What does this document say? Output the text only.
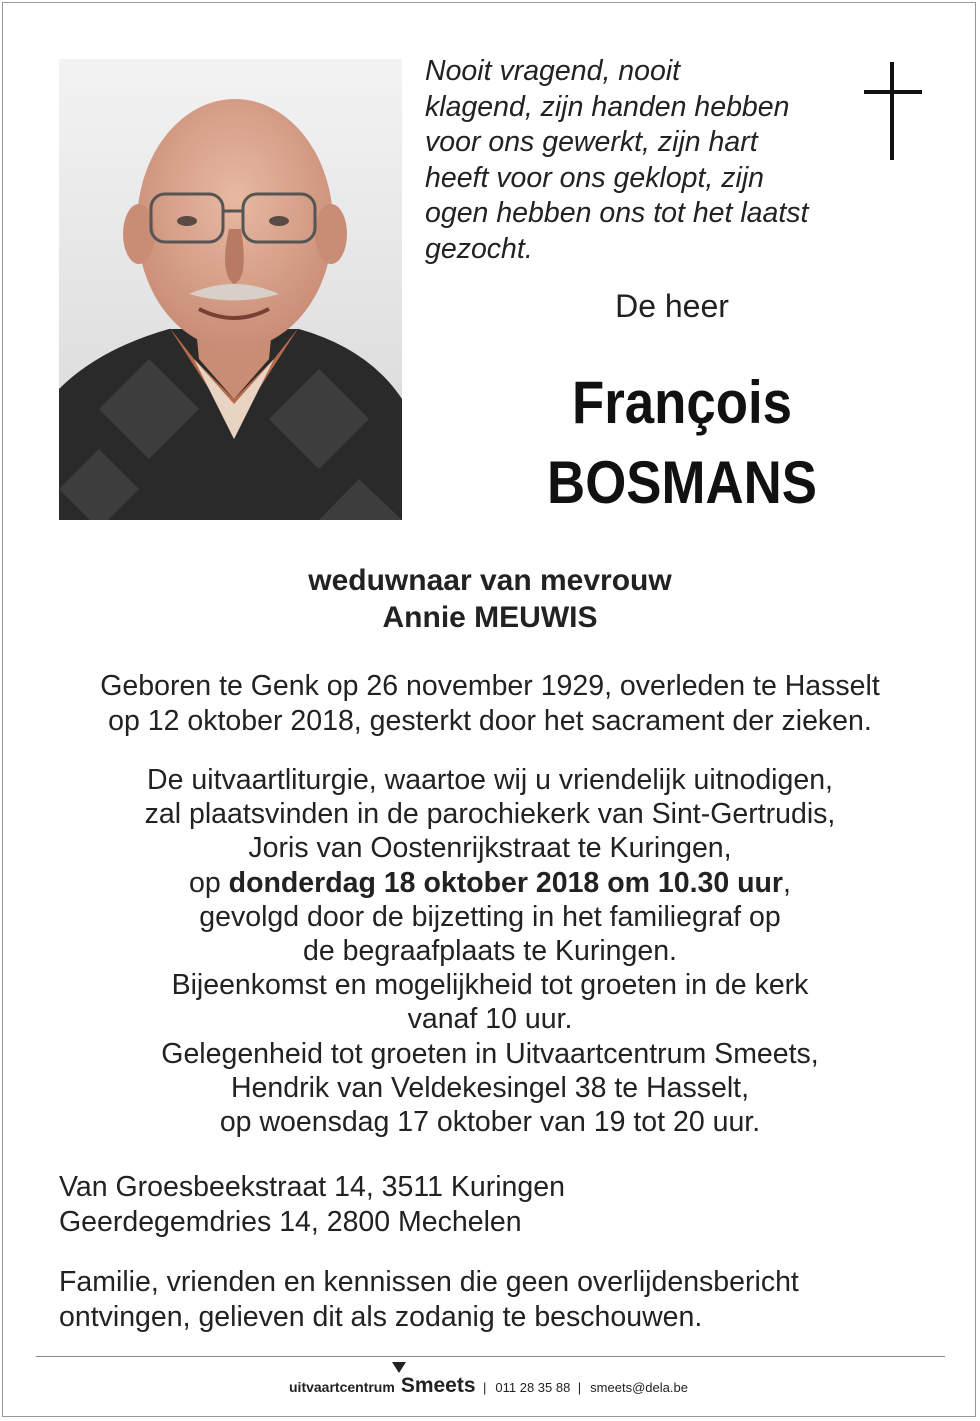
Nooit vragend, nooit
klagend, zijn handen hebben
voor ons gewerkt, zijn hart
heeft voor ons geklopt, zijn
ogen hebben ons tot het laatst
gezocht.
De heer
François
BOSMANS
weduwnaar van mevrouw
Annie MEUWIS
Geboren te Genk op 26 november 1929, overleden te Hasselt
op 12 oktober 2018, gesterkt door het sacrament der zieken.
De uitvaartliturgie, waartoe wij u vriendelijk uitnodigen,
zal plaatsvinden in de parochiekerk van Sint-Gertrudis,
Joris van Oostenrijkstraat te Kuringen,
op donderdag 18 oktober 2018 om 10.30 uur,
gevolgd door de bijzetting in het familiegraf op
de begraafplaats te Kuringen.
Bijeenkomst en mogelijkheid tot groeten in de kerk
vanaf 10 uur.
Gelegenheid tot groeten in Uitvaartcentrum Smeets,
Hendrik van Veldekesingel 38 te Hasselt,
op woensdag 17 oktober van 19 tot 20 uur.
Van Groesbeekstraat 14, 3511 Kuringen
Geerdegemdries 14, 2800 Mechelen
Familie, vrienden en kennissen die geen overlijdensbericht
ontvingen, gelieven dit als zodanig te beschouwen.
uitvaartcentrum Smeets | 011 28 35 88 | smeets@dela.be
